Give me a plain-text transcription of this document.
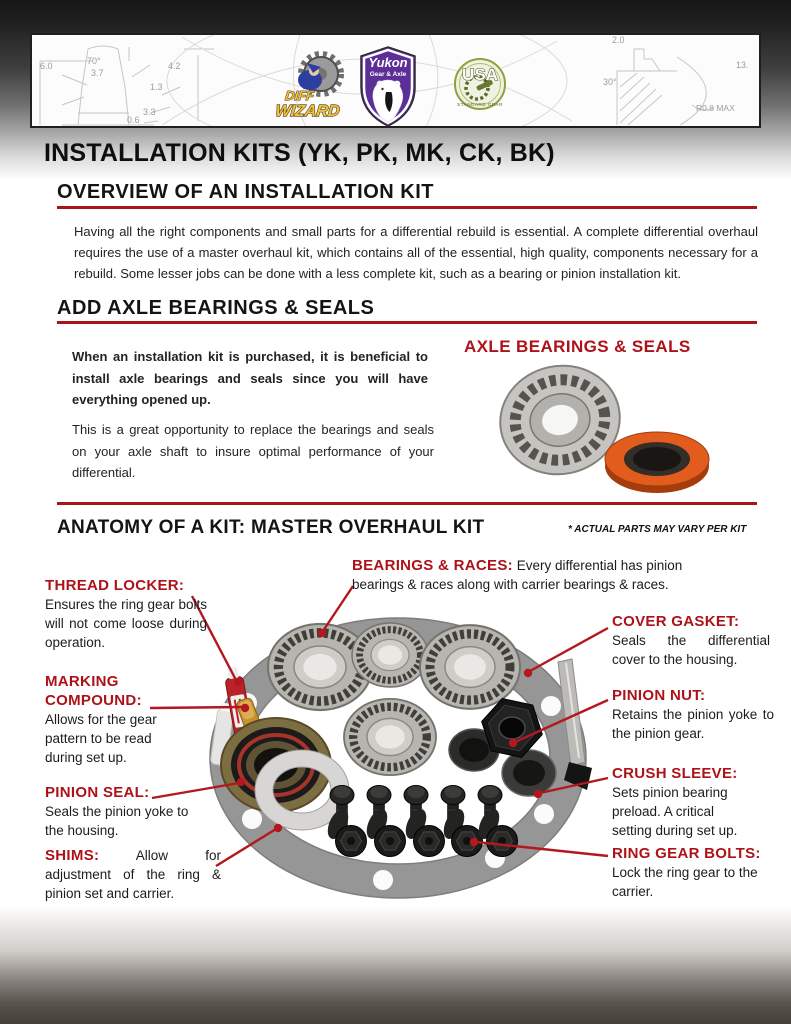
6.0	70°
3.7
4.2
1.3
3.3
0.6
2.0
13.
30°
R0.8 MAX
DIFF
WIZARD
Yukon
Gear & Axle	USA
STANDARD GEAR
INSTALLATION KITS (YK, PK, MK, CK, BK)
OVERVIEW OF AN INSTALLATION KIT
Having all the right components and small parts for a differential rebuild is essential. A complete differential overhaul requires the use of a master overhaul kit, which contains all of the essential, high quality, components necessary for a rebuild. Some lesser jobs can be done with a less complete kit, such as a bearing or pinion installation kit.
ADD AXLE BEARINGS & SEALS
When an installation kit is purchased, it is beneficial to install axle bearings and seals since you will have everything opened up.
This is a great opportunity to replace the bearings and seals on your axle shaft to insure optimal performance of your differential.
AXLE BEARINGS & SEALS
ANATOMY OF A KIT: MASTER OVERHAUL KIT	* ACTUAL PARTS MAY VARY PER KIT
THREAD LOCKER:
Ensures the ring gear bolts will not come loose during operation.
MARKING COMPOUND:
Allows for the gear pattern to be read during set up.
PINION SEAL:
Seals the pinion yoke to the housing.
SHIMS:	Allow for adjustment of the ring & pinion set and carrier.
BEARINGS & RACES: Every differential has pinion bearings & races along with carrier bearings & races.
COVER GASKET:
Seals the differential cover to the housing.
PINION NUT:
Retains the pinion yoke to the pinion gear.
CRUSH SLEEVE:
Sets pinion bearing preload. A critical setting during set up.
RING GEAR BOLTS:
Lock the ring gear to the carrier.
